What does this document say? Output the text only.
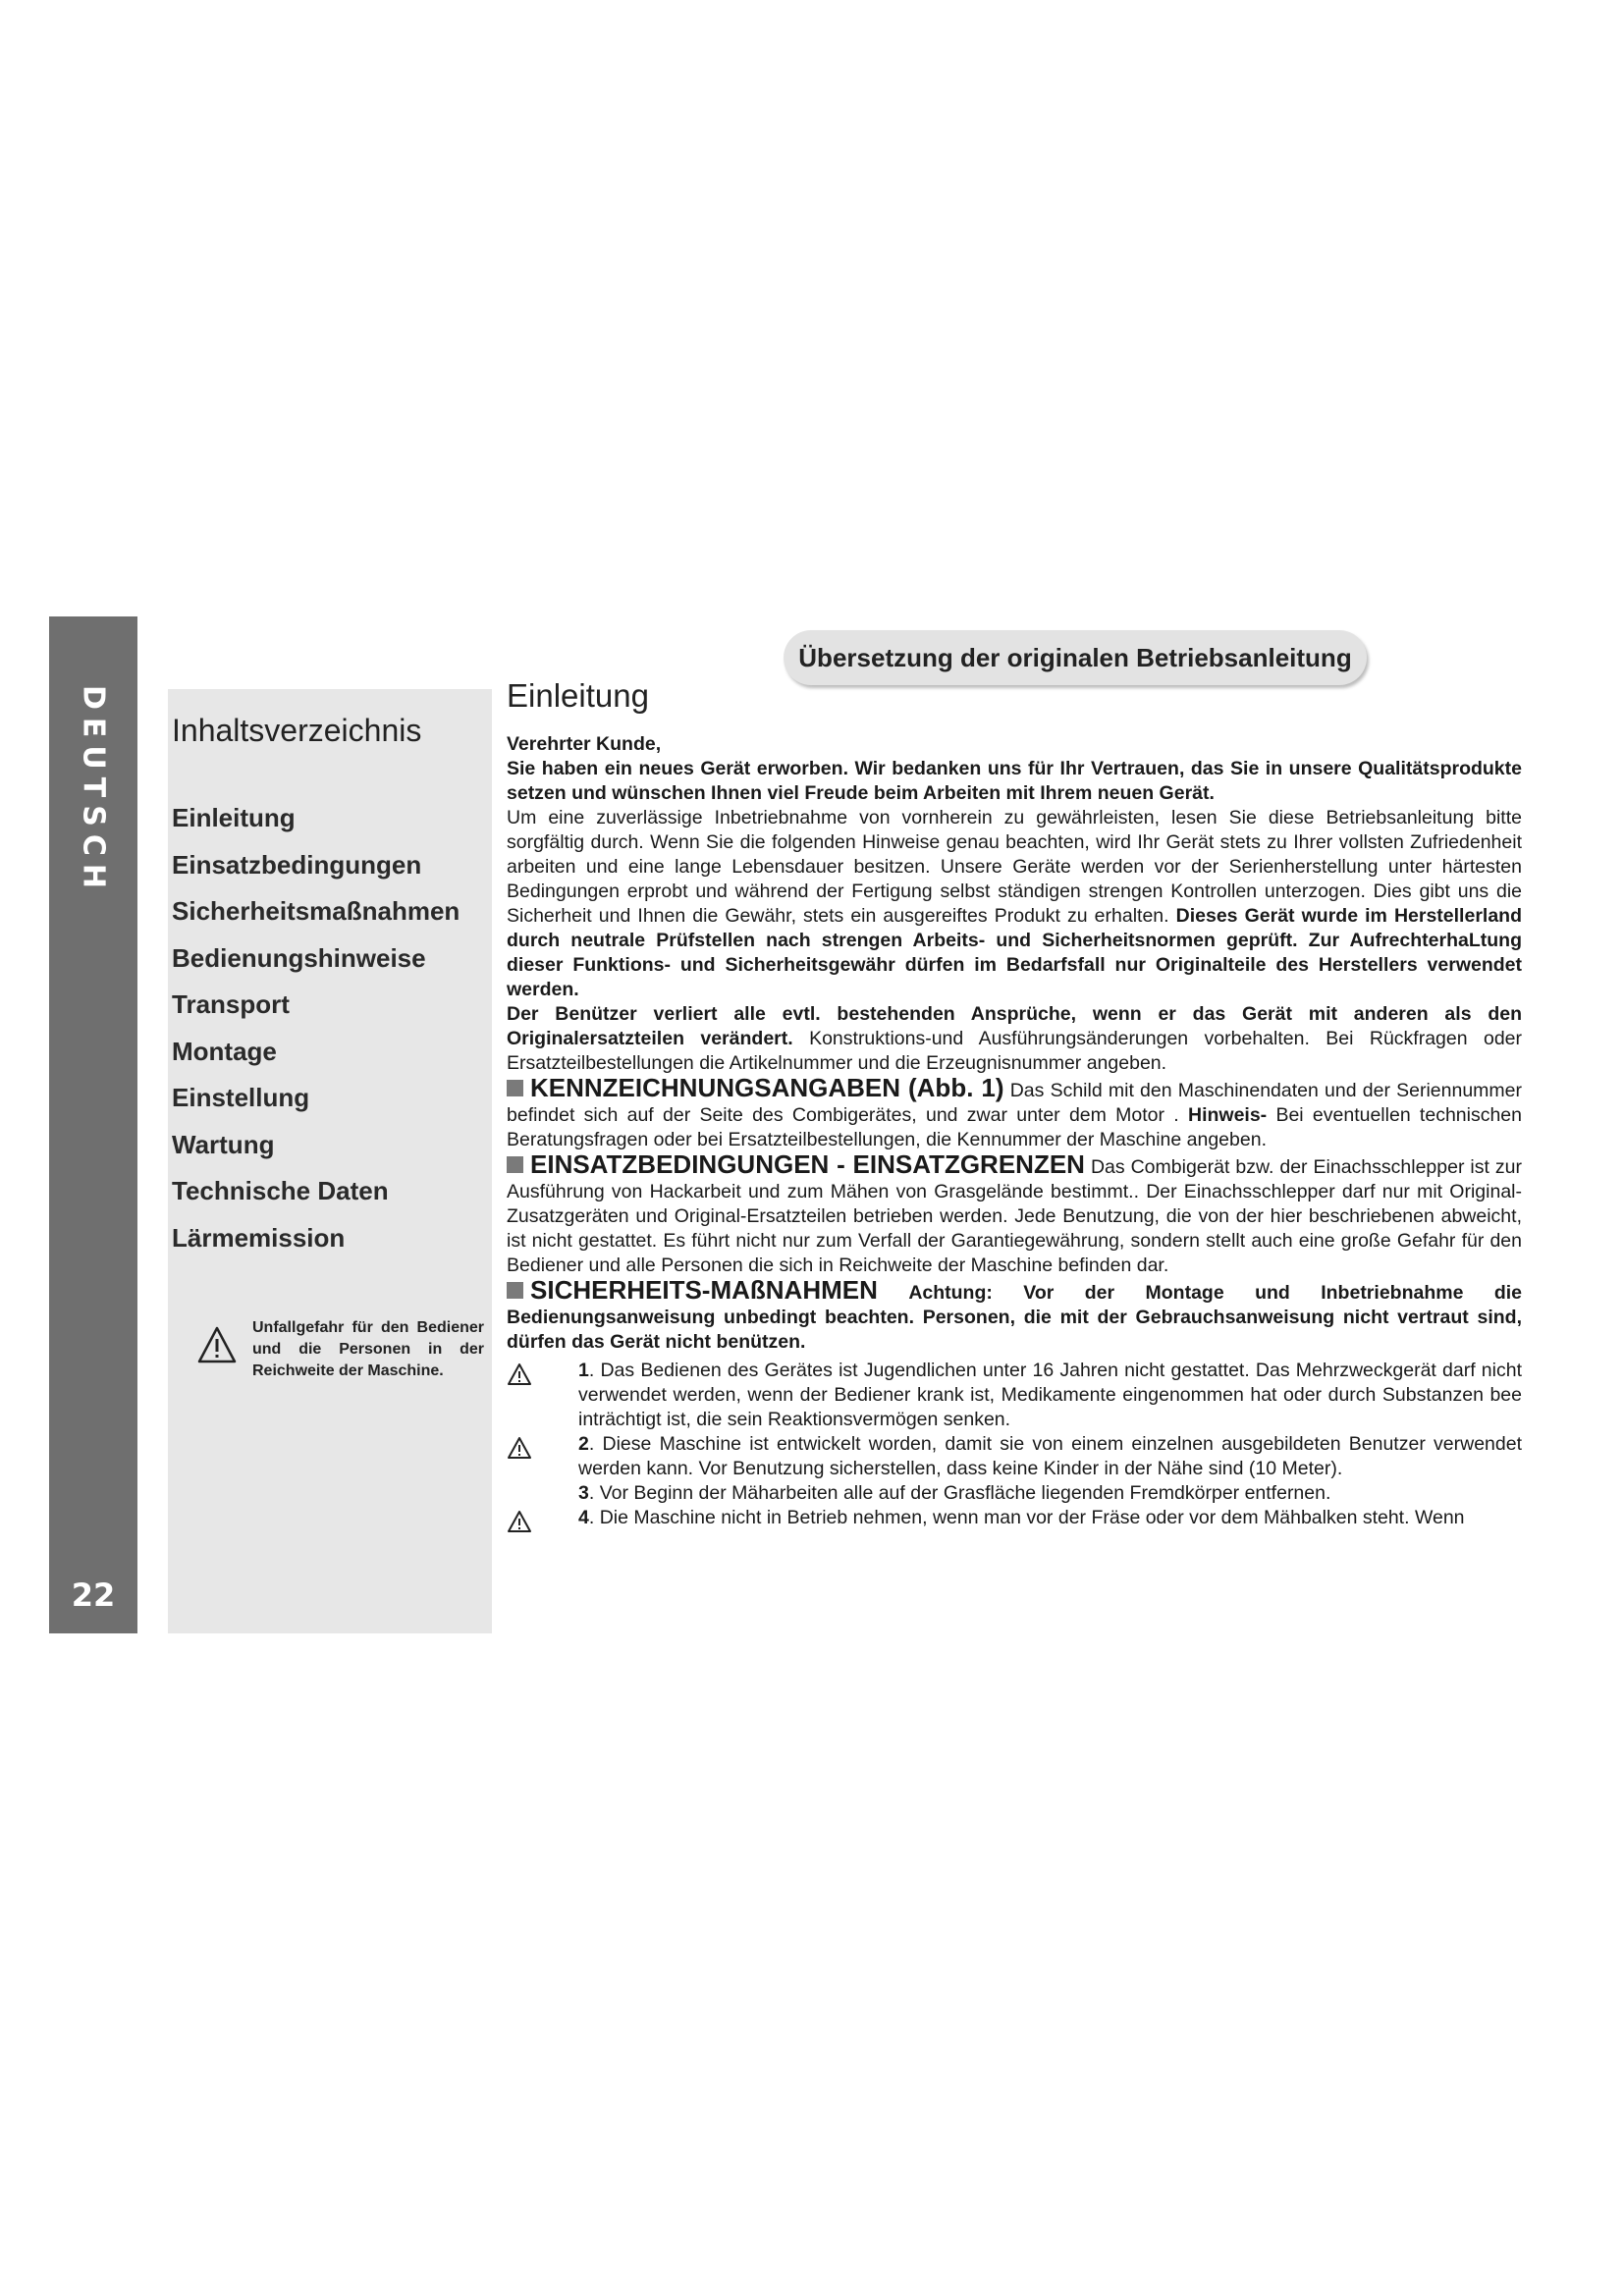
DEUTSCH
22
Übersetzung der originalen Betriebsanleitung
Inhaltsverzeichnis
Einleitung
Einsatzbedingungen
Sicherheitsmaßnahmen
Bedienungshinweise
Transport
Montage
Einstellung
Wartung
Technische Daten
Lärmemission

Unfallgefahr für den Bediener und die Personen in der Reichweite der Maschine.

Einleitung

Verehrter Kunde,
Sie haben ein neues Gerät erworben. Wir bedanken uns für Ihr Vertrauen, das Sie in unsere Qualitätsprodukte setzen und wünschen Ihnen viel Freude beim Arbeiten mit Ihrem neuen Gerät.
Um eine zuverlässige Inbetriebnahme von vornherein zu gewährleisten, lesen Sie diese Betriebsanleitung bitte sorgfältig durch. Wenn Sie die folgenden Hinweise genau beachten, wird Ihr Gerät stets zu Ihrer vollsten Zufriedenheit arbeiten und eine lange Lebensdauer besitzen. Unsere Geräte werden vor der Serienherstellung unter härtesten Bedingungen erprobt und während der Fertigung selbst ständigen strengen Kontrollen unterzogen. Dies gibt uns die Sicherheit und Ihnen die Gewähr, stets ein ausgereiftes Produkt zu erhalten. Dieses Gerät wurde im Herstellerland durch neutrale Prüfstellen nach strengen Arbeits- und Sicherheitsnormen geprüft. Zur AufrechterhaLtung dieser Funktions- und Sicherheitsgewähr dürfen im Bedarfsfall nur Originalteile des Herstellers verwendet werden.
Der Benützer verliert alle evtl. bestehenden Ansprüche, wenn er das Gerät mit anderen als den Originalersatzteilen verändert. Konstruktions-und Ausführungsänderungen vorbehalten. Bei Rückfragen oder Ersatzteilbestellungen die Artikelnummer und die Erzeugnisnummer angeben.

KENNZEICHNUNGSANGABEN (Abb. 1) Das Schild mit den Maschinendaten und der Seriennummer befindet sich auf der Seite des Combigerätes, und zwar unter dem Motor . Hinweis- Bei eventuellen technischen Beratungsfragen oder bei Ersatzteilbestellungen, die Kennummer der Maschine angeben.

EINSATZBEDINGUNGEN - EINSATZGRENZEN Das Combigerät bzw. der Einachsschlepper ist zur Ausführung von Hackarbeit und zum Mähen von Grasgelände bestimmt.. Der Einachsschlepper darf nur mit Original-Zusatzgeräten und Original-Ersatzteilen betrieben werden. Jede Benutzung, die von der hier beschriebenen abweicht, ist nicht gestattet. Es führt nicht nur zum Verfall der Garantiegewährung, sondern stellt auch eine große Gefahr für den Bediener und alle Personen die sich in Reichweite der Maschine befinden dar.

SICHERHEITS-MAßNAHMEN Achtung: Vor der Montage und Inbetriebnahme die Bedienungsanweisung unbedingt beachten. Personen, die mit der Gebrauchsanweisung nicht vertraut sind, dürfen das Gerät nicht benützen.

1. Das Bedienen des Gerätes ist Jugendlichen unter 16 Jahren nicht gestattet. Das Mehrzweckgerät darf nicht verwendet werden, wenn der Bediener krank ist, Medikamente eingenommen hat oder durch Substanzen bee inträchtigt ist, die sein Reaktionsvermögen senken.

2. Diese Maschine ist entwickelt worden, damit sie von einem einzelnen ausgebildeten Benutzer verwendet werden kann. Vor Benutzung sicherstellen, dass keine Kinder in der Nähe sind (10 Meter).

3. Vor Beginn der Mäharbeiten alle auf der Grasfläche liegenden Fremdkörper entfernen.

4. Die Maschine nicht in Betrieb nehmen, wenn man vor der Fräse oder vor dem Mähbalken steht. Wenn
